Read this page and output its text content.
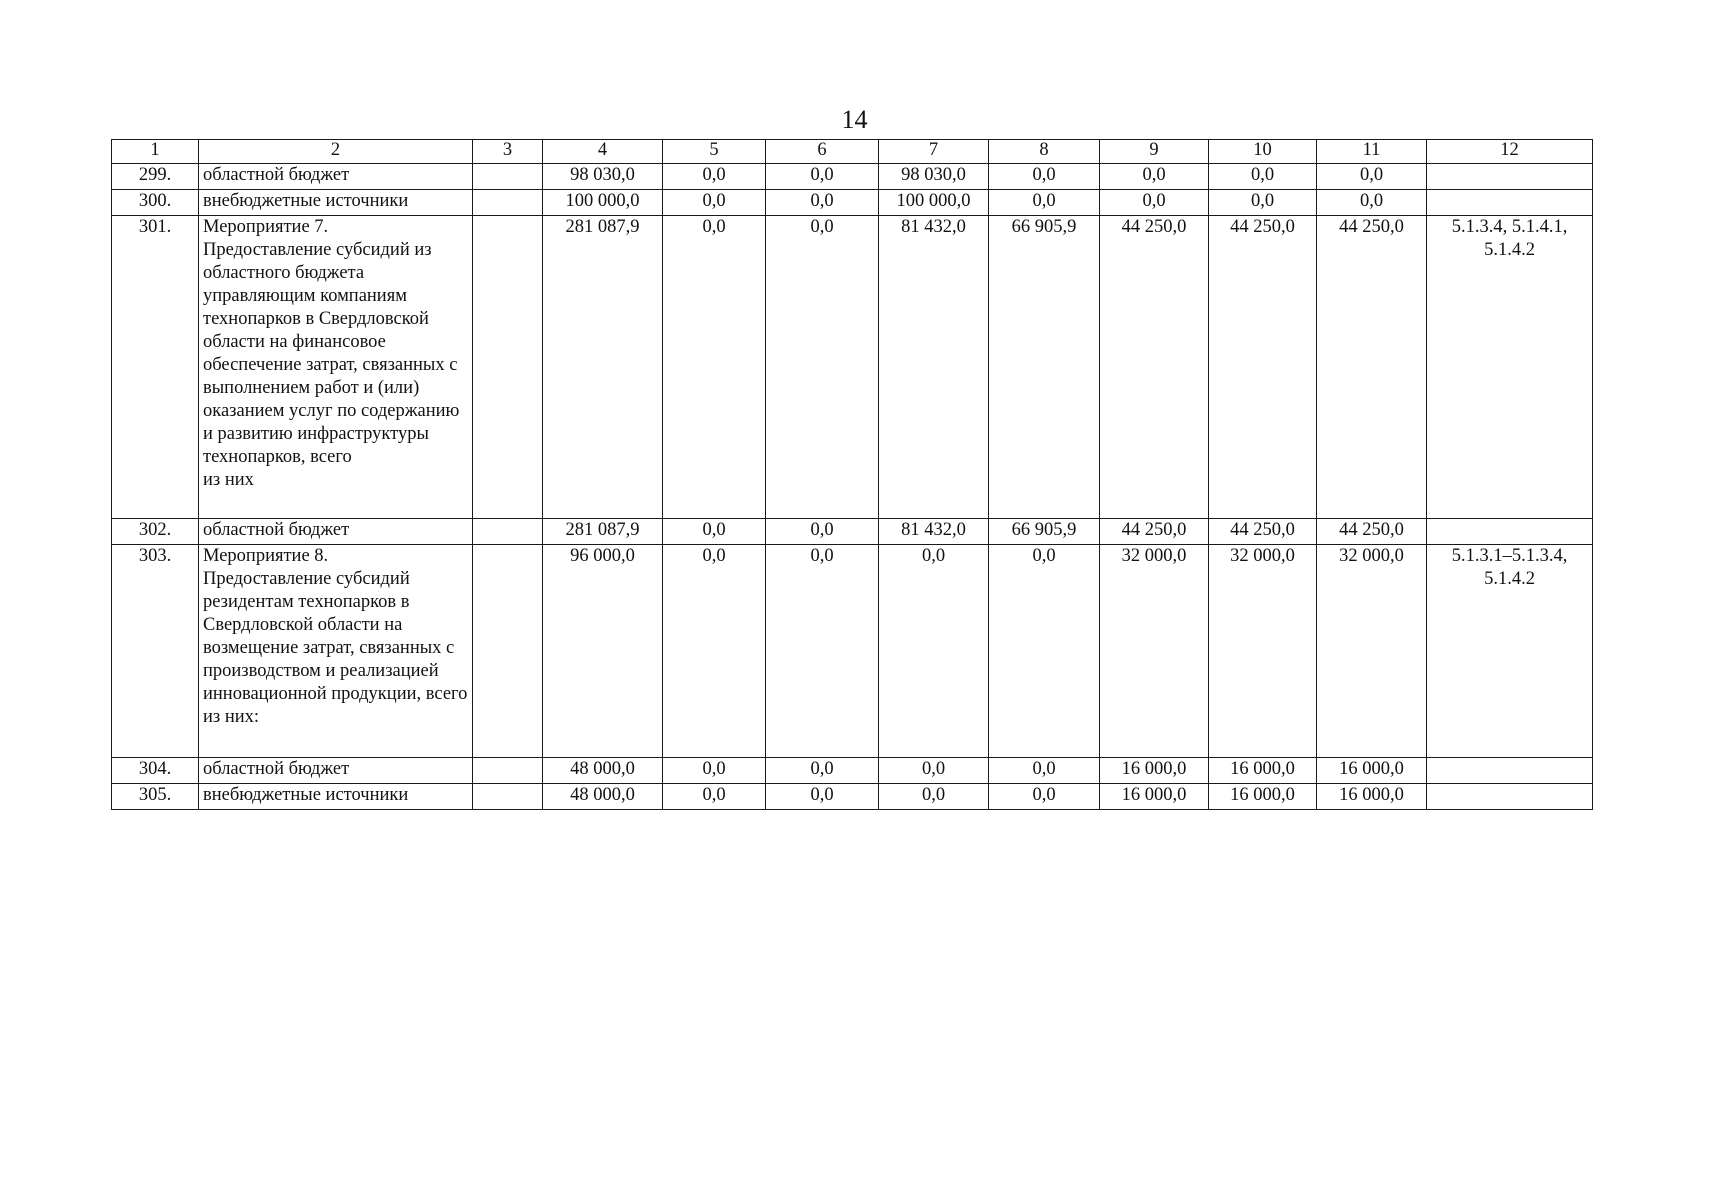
14
1	2	3	4	5	6	7	8	9	10	11	12
299.	областной бюджет		98 030,0	0,0	0,0	98 030,0	0,0	0,0	0,0	0,0	
300.	внебюджетные источники		100 000,0	0,0	0,0	100 000,0	0,0	0,0	0,0	0,0	
301.	Мероприятие 7.
Предоставление субсидий из областного бюджета управляющим компаниям технопарков в Свердловской области на финансовое обеспечение затрат, связанных с выполнением работ и (или) оказанием услуг по содержанию и развитию инфраструктуры технопарков, всего
из них		281 087,9	0,0	0,0	81 432,0	66 905,9	44 250,0	44 250,0	44 250,0	5.1.3.4, 5.1.4.1, 5.1.4.2
302.	областной бюджет		281 087,9	0,0	0,0	81 432,0	66 905,9	44 250,0	44 250,0	44 250,0	
303.	Мероприятие 8.
Предоставление субсидий резидентам технопарков в Свердловской области на возмещение затрат, связанных с производством и реализацией инновационной продукции, всего
из них:		96 000,0	0,0	0,0	0,0	0,0	32 000,0	32 000,0	32 000,0	5.1.3.1–5.1.3.4, 5.1.4.2
304.	областной бюджет		48 000,0	0,0	0,0	0,0	0,0	16 000,0	16 000,0	16 000,0	
305.	внебюджетные источники		48 000,0	0,0	0,0	0,0	0,0	16 000,0	16 000,0	16 000,0	
